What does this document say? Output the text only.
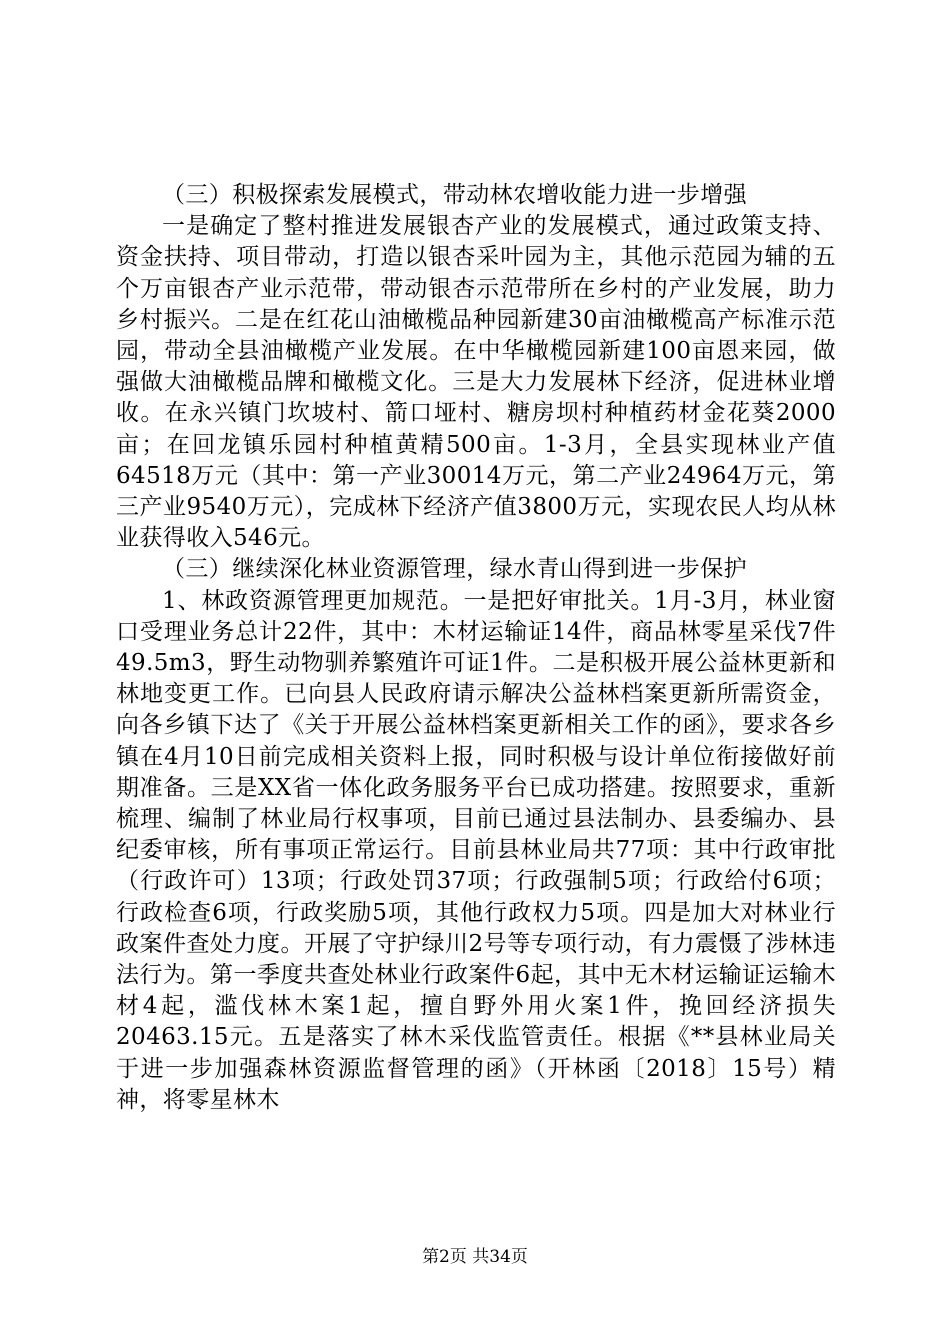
（三）积极探索发展模式，带动林农增收能力进一步增强

一是确定了整村推进发展银杏产业的发展模式，通过政策支持、资金扶持、项目带动，打造以银杏采叶园为主，其他示范园为辅的五个万亩银杏产业示范带，带动银杏示范带所在乡村的产业发展，助力乡村振兴。二是在红花山油橄榄品种园新建30亩油橄榄高产标准示范园，带动全县油橄榄产业发展。在中华橄榄园新建100亩恩来园，做强做大油橄榄品牌和橄榄文化。三是大力发展林下经济，促进林业增收。在永兴镇门坎坡村、箭口垭村、糖房坝村种植药材金花葵2000亩；在回龙镇乐园村种植黄精500亩。1-3月，全县实现林业产值64518万元（其中：第一产业30014万元，第二产业24964万元，第三产业9540万元），完成林下经济产值3800万元，实现农民人均从林业获得收入546元。

（三）继续深化林业资源管理，绿水青山得到进一步保护

1、林政资源管理更加规范。一是把好审批关。1月-3月，林业窗口受理业务总计22件，其中：木材运输证14件，商品林零星采伐7件49.5m3，野生动物驯养繁殖许可证1件。二是积极开展公益林更新和林地变更工作。已向县人民政府请示解决公益林档案更新所需资金，向各乡镇下达了《关于开展公益林档案更新相关工作的函》，要求各乡镇在4月10日前完成相关资料上报，同时积极与设计单位衔接做好前期准备。三是XX省一体化政务服务平台已成功搭建。按照要求，重新梳理、编制了林业局行权事项，目前已通过县法制办、县委编办、县纪委审核，所有事项正常运行。目前县林业局共77项：其中行政审批（行政许可）13项；行政处罚37项；行政强制5项；行政给付6项；行政检查6项，行政奖励5项，其他行政权力5项。四是加大对林业行政案件查处力度。开展了守护绿川2号等专项行动，有力震慑了涉林违法行为。第一季度共查处林业行政案件6起，其中无木材运输证运输木材4起，滥伐林木案1起，擅自野外用火案1件，挽回经济损失20463.15元。五是落实了林木采伐监管责任。根据《**县林业局关于进一步加强森林资源监督管理的函》（开林函〔2018〕15号）精神，将零星林木

第2页 共34页
